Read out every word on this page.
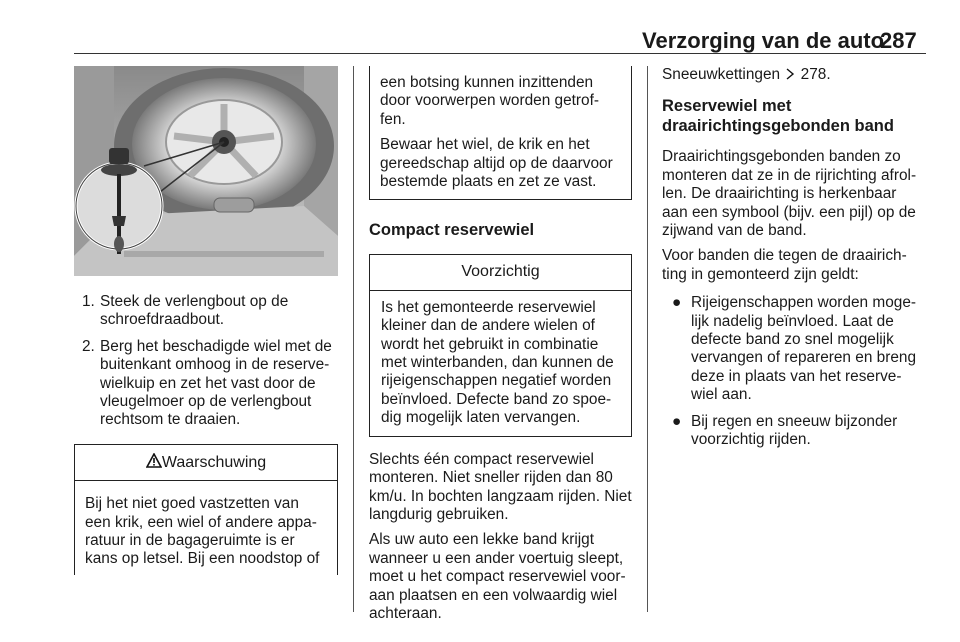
Verzorging van de auto
287
1. Steek de verlengbout op de schroefdraadbout.
2. Berg het beschadigde wiel met de buitenkant omhoog in de reserve-wielkuip en zet het vast door de vleugelmoer op de verlengbout rechtsom te draaien.
Waarschuwing
Bij het niet goed vastzetten van een krik, een wiel of andere appa-ratuur in de bagageruimte is er kans op letsel. Bij een noodstop of

een botsing kunnen inzittenden door voorwerpen worden getrof-fen.

Bewaar het wiel, de krik en het gereedschap altijd op de daarvoor bestemde plaats en zet ze vast.

Compact reservewiel
Voorzichtig
Is het gemonteerde reservewiel kleiner dan de andere wielen of wordt het gebruikt in combinatie met winterbanden, dan kunnen de rijeigenschappen negatief worden beïnvloed. Defecte band zo spoe-dig mogelijk laten vervangen.

Slechts één compact reservewiel monteren. Niet sneller rijden dan 80 km/u. In bochten langzaam rijden. Niet langdurig gebruiken.

Als uw auto een lekke band krijgt wanneer u een ander voertuig sleept, moet u het compact reservewiel voor-aan plaatsen en een volwaardig wiel achteraan.

Sneeuwkettingen 278.

Reservewiel met draairichtingsgebonden band

Draairichtingsgebonden banden zo monteren dat ze in de rijrichting afrol-len. De draairichting is herkenbaar aan een symbool (bijv. een pijl) op de zijwand van de band.

Voor banden die tegen de draairich-ting in gemonteerd zijn geldt:

● Rijeigenschappen worden moge-lijk nadelig beïnvloed. Laat de defecte band zo snel mogelijk vervangen of repareren en breng deze in plaats van het reserve-wiel aan.
● Bij regen en sneeuw bijzonder voorzichtig rijden.
